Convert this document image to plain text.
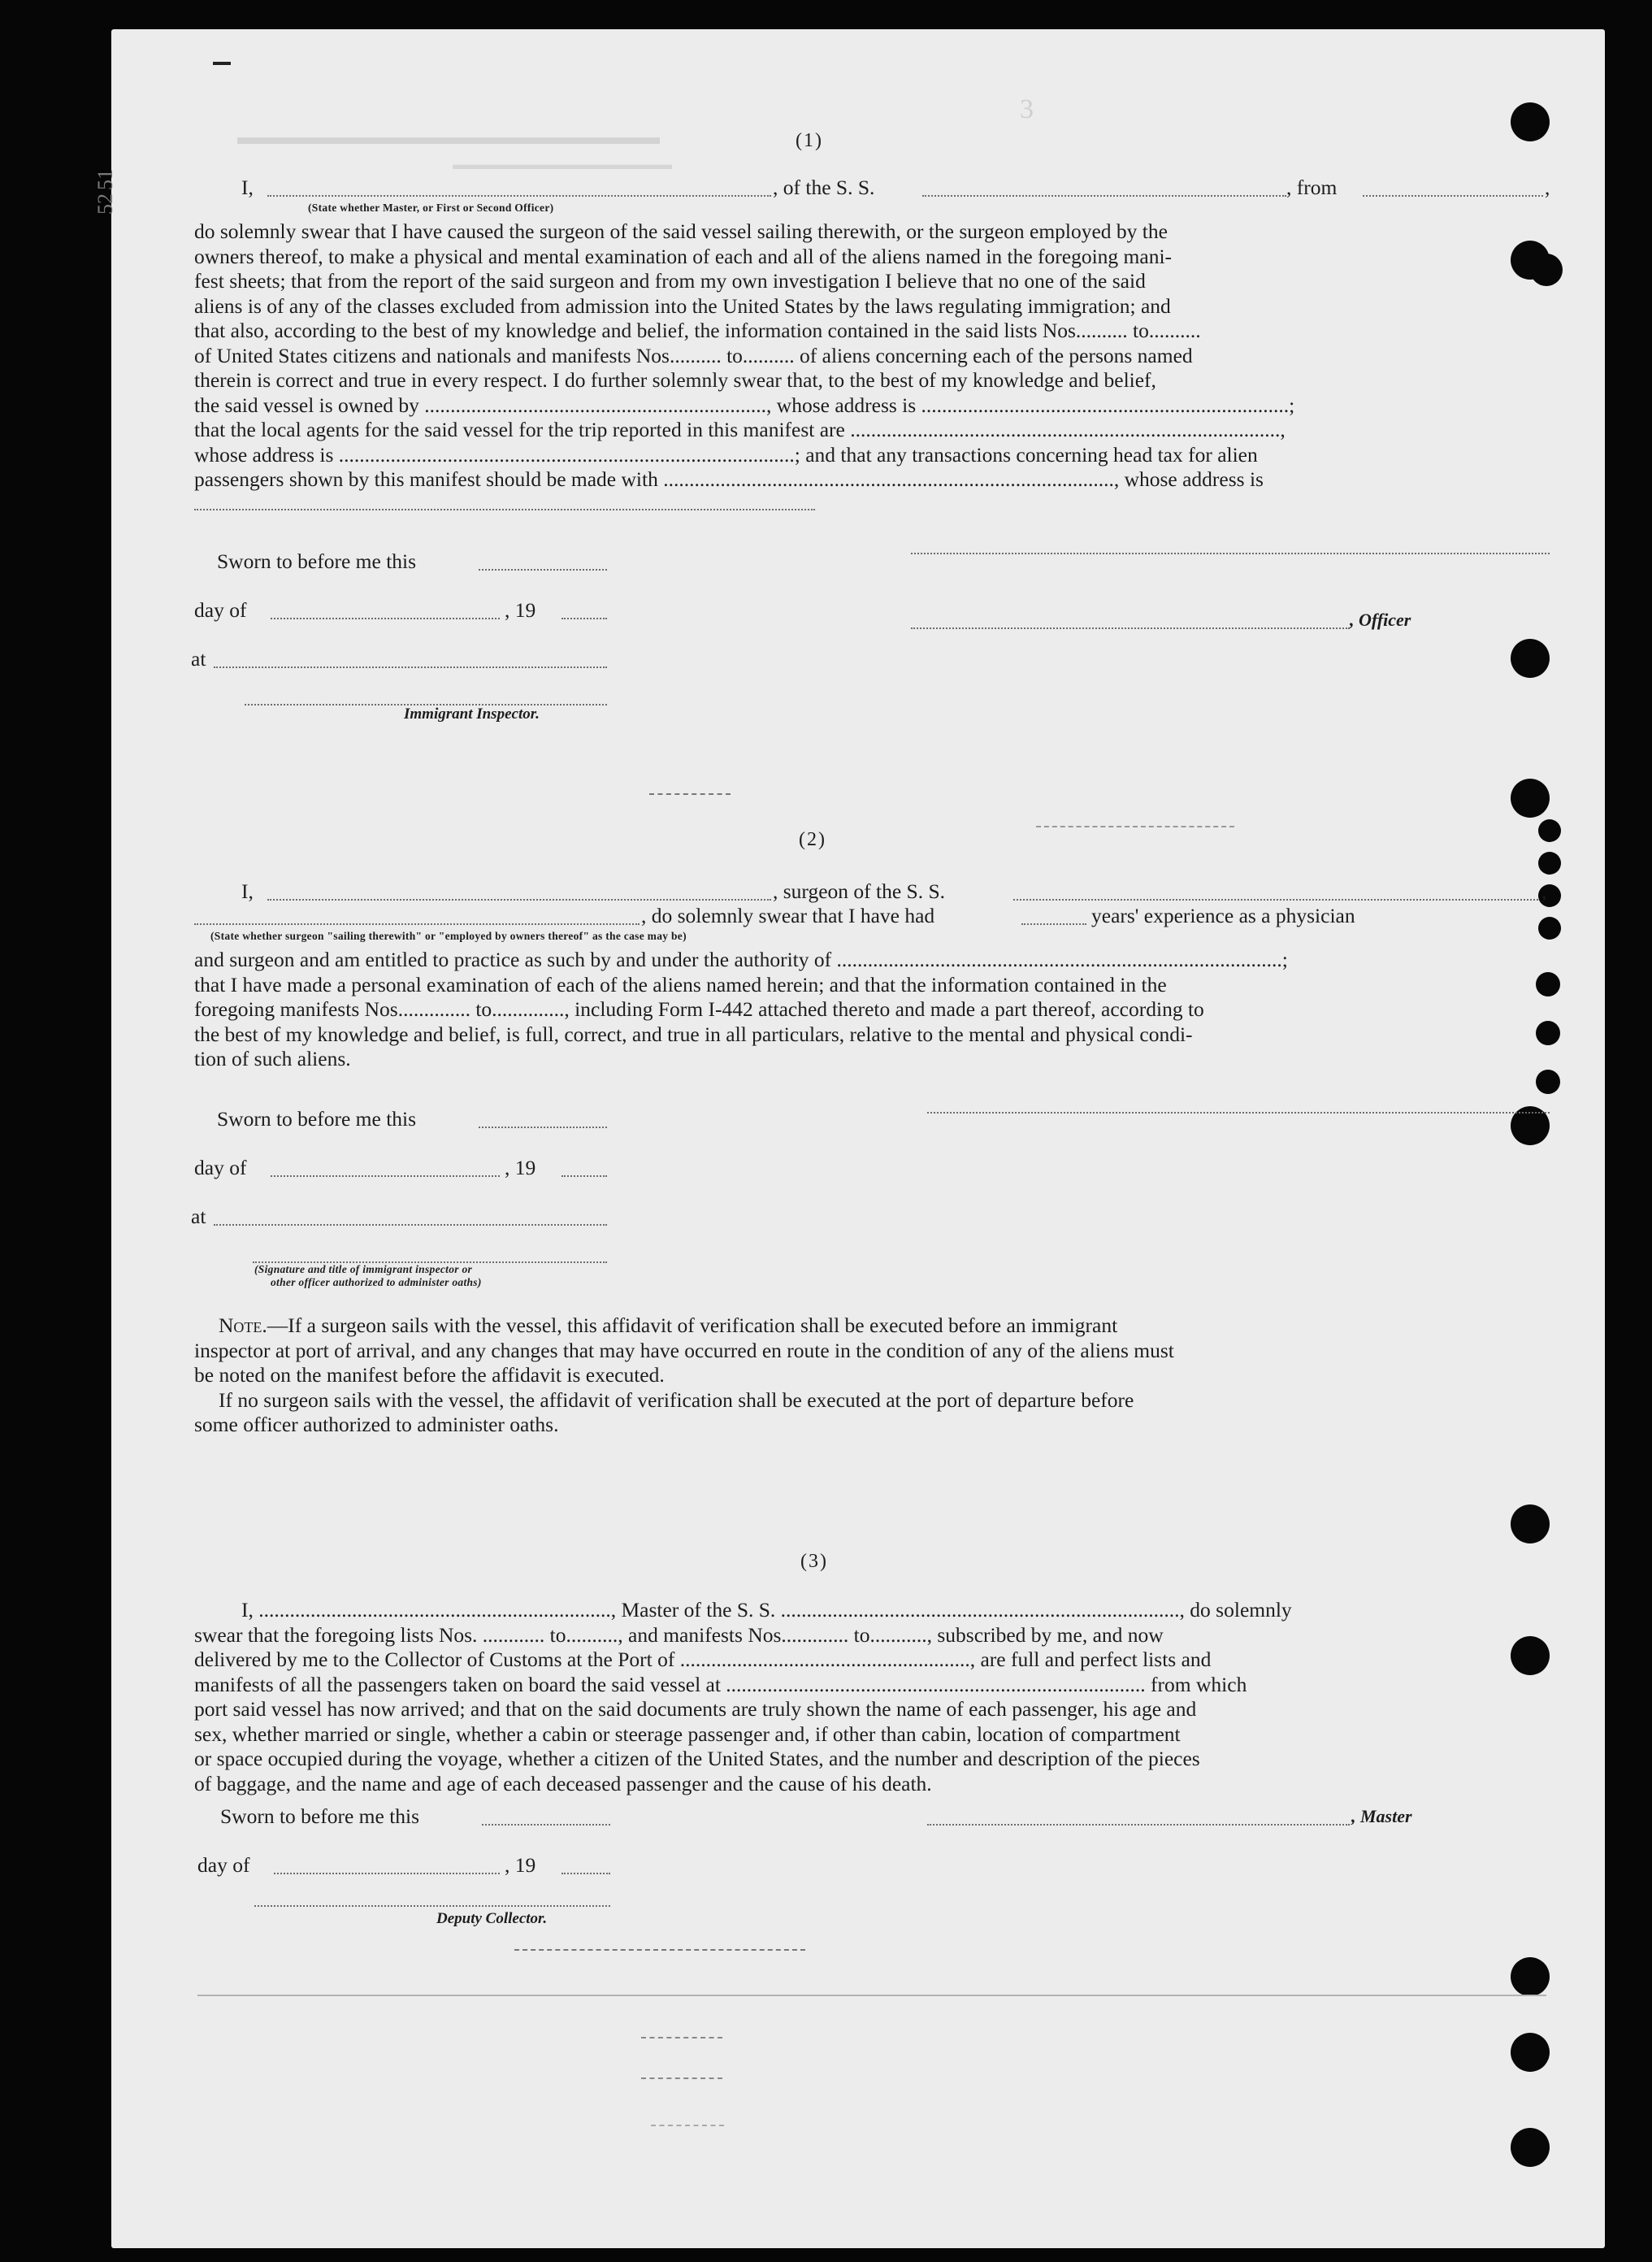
▬▬▬▬▬▬▬▬▬▬▬▬▬▬▬▬▬▬▬▬
▬▬▬▬▬▬▬▬▬▬▬▬▬▬▬
3
51
52
(1)
I,	, of the S. S.	, from	,
(State whether Master, or First or Second Officer)
do solemnly swear that I have caused the surgeon of the said vessel sailing therewith, or the surgeon employed by the
owners thereof, to make a physical and mental examination of each and all of the aliens named in the foregoing mani-
fest sheets; that from the report of the said surgeon and from my own investigation I believe that no one of the said
aliens is of any of the classes excluded from admission into the United States by the laws regulating immigration; and
that also, according to the best of my knowledge and belief, the information contained in the said lists Nos.......... to..........
of United States citizens and nationals and manifests Nos.......... to.......... of aliens concerning each of the persons named
therein is correct and true in every respect. I do further solemnly swear that, to the best of my knowledge and belief,
the said vessel is owned by .................................................................., whose address is .......................................................................;
that the local agents for the said vessel for the trip reported in this manifest are ...................................................................................,
whose address is ........................................................................................; and that any transactions concerning head tax for alien
passengers shown by this manifest should be made with ......................................................................................., whose address is
Sworn to before me this
day of	, 19	, Officer
at
Immigrant Inspector.
(2)
I,	, surgeon of the S. S.	,
, do solemnly swear that I have had	years' experience as a physician
(State whether surgeon "sailing therewith" or "employed by owners thereof" as the case may be)
and surgeon and am entitled to practice as such by and under the authority of ......................................................................................;
that I have made a personal examination of each of the aliens named herein; and that the information contained in the
foregoing manifests Nos.............. to.............., including Form I-442 attached thereto and made a part thereof, according to
the best of my knowledge and belief, is full, correct, and true in all particulars, relative to the mental and physical condi-
tion of such aliens.
Sworn to before me this
day of	, 19
at
(Signature and title of immigrant inspector or
other officer authorized to administer oaths)
Note.—If a surgeon sails with the vessel, this affidavit of verification shall be executed before an immigrant
inspector at port of arrival, and any changes that may have occurred en route in the condition of any of the aliens must
be noted on the manifest before the affidavit is executed.
If no surgeon sails with the vessel, the affidavit of verification shall be executed at the port of departure before
some officer authorized to administer oaths.
(3)
I, ...................................................................., Master of the S. S. ............................................................................., do solemnly
swear that the foregoing lists Nos. ............ to.........., and manifests Nos............. to..........., subscribed by me, and now
delivered by me to the Collector of Customs at the Port of ........................................................, are full and perfect lists and
manifests of all the passengers taken on board the said vessel at ................................................................................. from which
port said vessel has now arrived; and that on the said documents are truly shown the name of each passenger, his age and
sex, whether married or single, whether a cabin or steerage passenger and, if other than cabin, location of compartment
or space occupied during the voyage, whether a citizen of the United States, and the number and description of the pieces
of baggage, and the name and age of each deceased passenger and the cause of his death.
Sworn to before me this	, Master
day of	, 19
Deputy Collector.
